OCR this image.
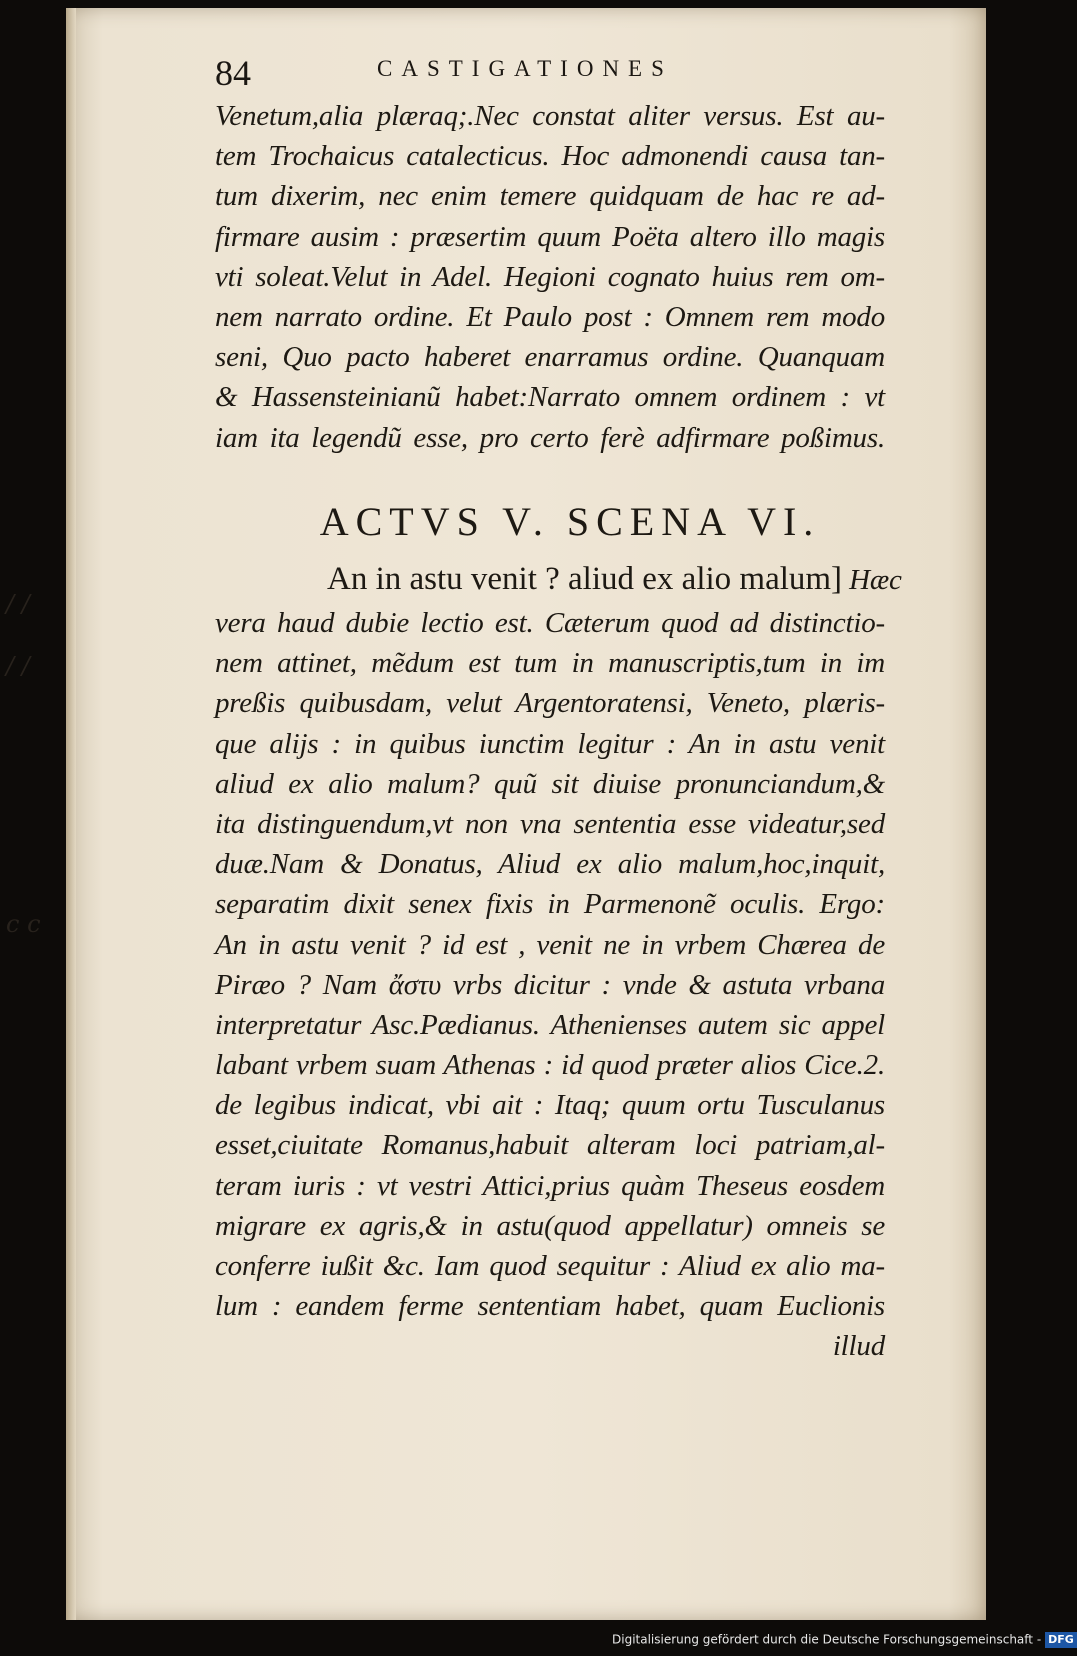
/ /
/ /
c c
84	CASTIGATIONES
Venetum,alia plæraq;.Nec constat aliter versus. Est au-
tem Trochaicus catalecticus. Hoc admonendi causa tan-
tum dixerim, nec enim temere quidquam de hac re ad-
firmare ausim : præsertim quum Poëta altero illo magis
vti soleat.Velut in Adel. Hegioni cognato huius rem om-
nem narrato ordine. Et Paulo post : Omnem rem modo
seni, Quo pacto haberet enarramus ordine. Quanquam
& Hassensteinianũ habet:Narrato omnem ordinem : vt
iam ita legendũ esse, pro certo ferè adfirmare poßimus.
ACTVS V. SCENA VI.
An in astu venit ? aliud ex alio malum] Hæc
vera haud dubie lectio est. Cæterum quod ad distinctio-
nem attinet, mẽdum est tum in manuscriptis,tum in im
preßis quibusdam, velut Argentoratensi, Veneto, plæris-
que alijs : in quibus iunctim legitur : An in astu venit
aliud ex alio malum? quũ sit diuise pronunciandum,&
ita distinguendum,vt non vna sententia esse videatur,sed
duæ.Nam & Donatus, Aliud ex alio malum,hoc,inquit,
separatim dixit senex fixis in Parmenonẽ oculis. Ergo:
An in astu venit ? id est , venit ne in vrbem Chærea de
Piræo ? Nam ἄστυ vrbs dicitur : vnde & astuta vrbana
interpretatur Asc.Pædianus. Athenienses autem sic appel
labant vrbem suam Athenas : id quod præter alios Cice.2.
de legibus indicat, vbi ait : Itaq; quum ortu Tusculanus
esset,ciuitate Romanus,habuit alteram loci patriam,al-
teram iuris : vt vestri Attici,prius quàm Theseus eosdem
migrare ex agris,& in astu(quod appellatur) omneis se
conferre iußit &c. Iam quod sequitur : Aliud ex alio ma-
lum : eandem ferme sententiam habet, quam Euclionis
illud
Digitalisierung gefördert durch die Deutsche Forschungsgemeinschaft - DFG
